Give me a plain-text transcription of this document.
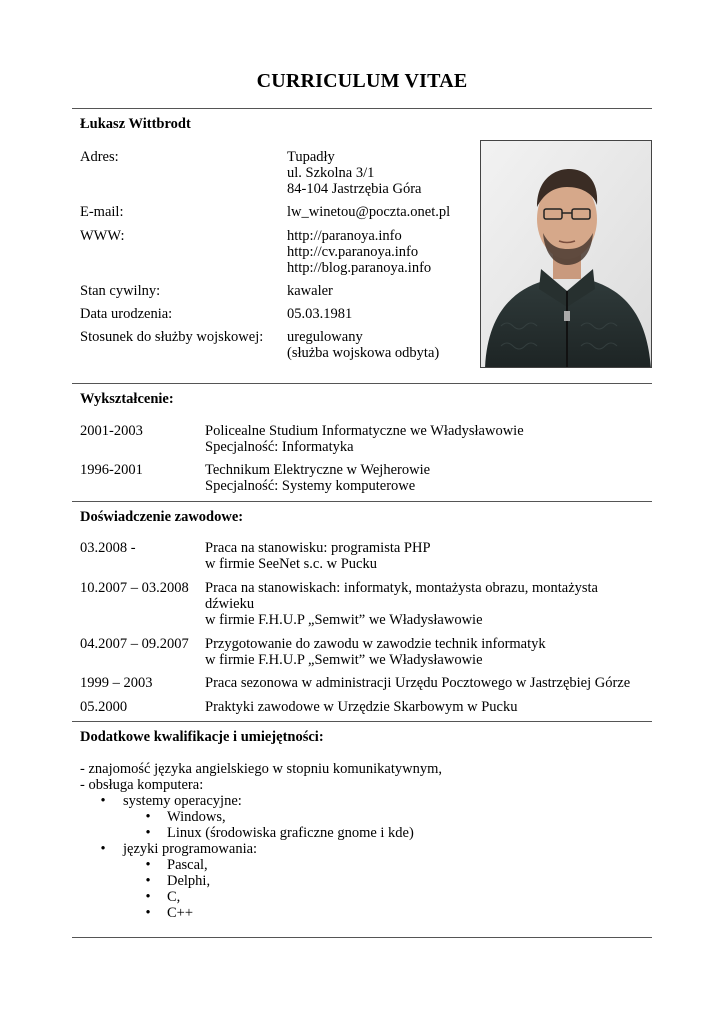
CURRICULUM VITAE
Łukasz Wittbrodt
Adres:	Tupadły
ul. Szkolna 3/1
84-104 Jastrzębia Góra
E-mail:	lw_winetou@poczta.onet.pl
WWW:	http://paranoya.info
http://cv.paranoya.info
http://blog.paranoya.info
Stan cywilny:	kawaler
Data urodzenia:	05.03.1981
Stosunek do służby wojskowej: uregulowany
(służba wojskowa odbyta)
Wykształcenie:
2001-2003	Policealne Studium Informatyczne we Władysławowie
Specjalność: Informatyka
1996-2001	Technikum Elektryczne w Wejherowie
Specjalność: Systemy komputerowe
Doświadczenie zawodowe:
03.2008 -	Praca na stanowisku: programista PHP
w firmie SeeNet s.c. w Pucku
10.2007 – 03.2008 Praca na stanowiskach: informatyk, montażysta obrazu, montażysta
dźwieku
w firmie F.H.U.P „Semwit” we Władysławowie
04.2007 – 09.2007 Przygotowanie do zawodu w zawodzie technik informatyk
w firmie F.H.U.P „Semwit” we Władysławowie
1999 – 2003	Praca sezonowa w administracji Urzędu Pocztowego w Jastrzębiej Górze
05.2000	Praktyki zawodowe w Urzędzie Skarbowym w Pucku
Dodatkowe kwalifikacje i umiejętności:
- znajomość języka angielskiego w stopniu komunikatywnym,
- obsługa komputera:
• systemy operacyjne:
• Windows,
• Linux (środowiska graficzne gnome i kde)
• języki programowania:
• Pascal,
• Delphi,
• C,
• C++
